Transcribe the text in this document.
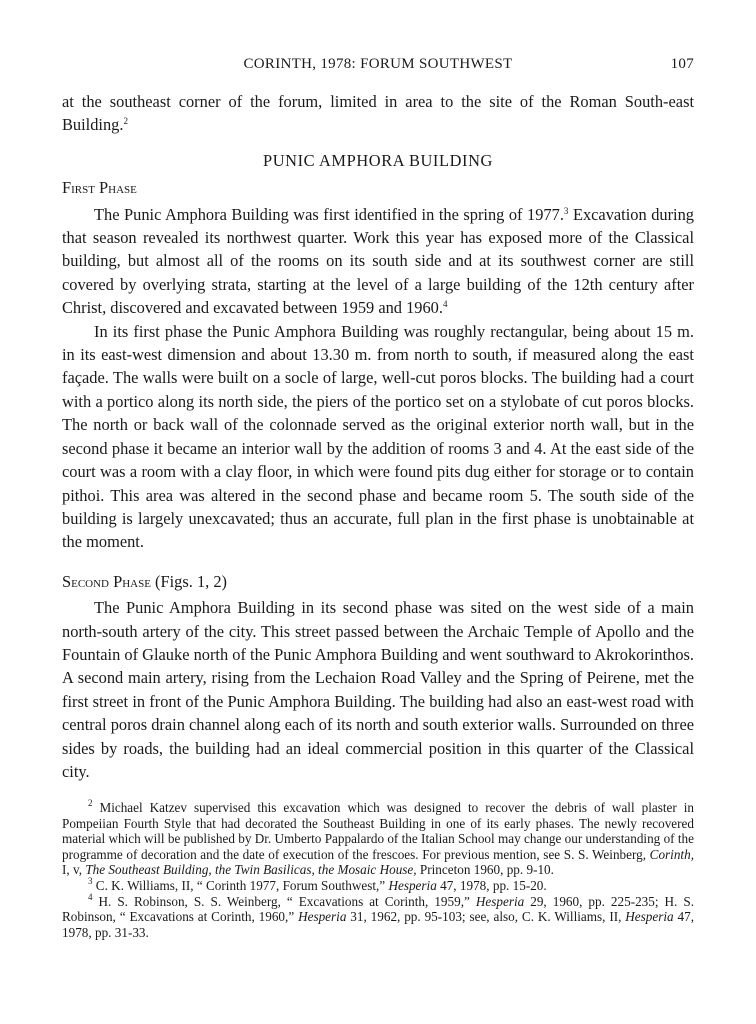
CORINTH, 1978: FORUM SOUTHWEST	107

at the southeast corner of the forum, limited in area to the site of the Roman South-east Building.$^2$

PUNIC AMPHORA BUILDING
First Phase

The Punic Amphora Building was first identified in the spring of 1977.$^3$ Excavation during that season revealed its northwest quarter. Work this year has exposed more of the Classical building, but almost all of the rooms on its south side and at its southwest corner are still covered by overlying strata, starting at the level of a large building of the 12th century after Christ, discovered and excavated between 1959 and 1960.$^4$

In its first phase the Punic Amphora Building was roughly rectangular, being about 15 m. in its east-west dimension and about 13.30 m. from north to south, if measured along the east façade. The walls were built on a socle of large, well-cut poros blocks. The building had a court with a portico along its north side, the piers of the portico set on a stylobate of cut poros blocks. The north or back wall of the colonnade served as the original exterior north wall, but in the second phase it became an interior wall by the addition of rooms 3 and 4. At the east side of the court was a room with a clay floor, in which were found pits dug either for storage or to contain pithoi. This area was altered in the second phase and became room 5. The south side of the building is largely unexcavated; thus an accurate, full plan in the first phase is unobtainable at the moment.

Second Phase (Figs. 1, 2)

The Punic Amphora Building in its second phase was sited on the west side of a main north-south artery of the city. This street passed between the Archaic Temple of Apollo and the Fountain of Glauke north of the Punic Amphora Building and went southward to Akrokorinthos. A second main artery, rising from the Lechaion Road Valley and the Spring of Peirene, met the first street in front of the Punic Amphora Building. The building had also an east-west road with central poros drain channel along each of its north and south exterior walls. Surrounded on three sides by roads, the building had an ideal commercial position in this quarter of the Classical city.

$^2$ Michael Katzev supervised this excavation which was designed to recover the debris of wall plaster in Pompeiian Fourth Style that had decorated the Southeast Building in one of its early phases. The newly recovered material which will be published by Dr. Umberto Pappalardo of the Italian School may change our understanding of the programme of decoration and the date of execution of the frescoes. For previous mention, see S. S. Weinberg, Corinth, I, v, The Southeast Building, the Twin Basilicas, the Mosaic House, Princeton 1960, pp. 9-10.

$^3$ C. K. Williams, II, “ Corinth 1977, Forum Southwest,” Hesperia 47, 1978, pp. 15-20.

$^4$ H. S. Robinson, S. S. Weinberg, “ Excavations at Corinth, 1959,” Hesperia 29, 1960, pp. 225-235; H. S. Robinson, “ Excavations at Corinth, 1960,” Hesperia 31, 1962, pp. 95-103; see, also, C. K. Williams, II, Hesperia 47, 1978, pp. 31-33.
